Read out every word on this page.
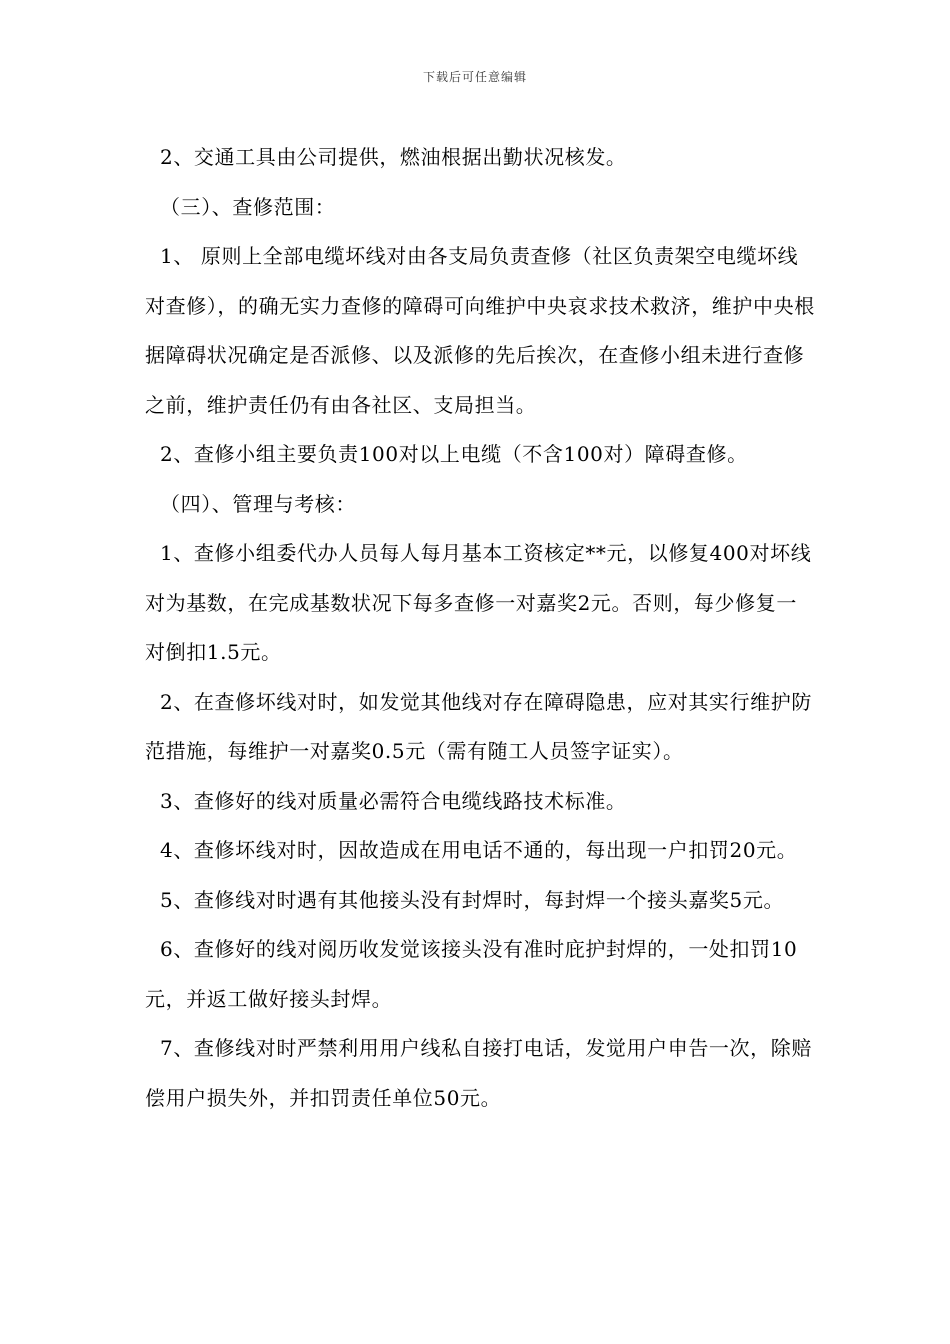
下载后可任意编辑

2、交通工具由公司提供，燃油根据出勤状况核发。

（三）、查修范围：

1、 原则上全部电缆坏线对由各支局负责查修（社区负责架空电缆坏线对查修），的确无实力查修的障碍可向维护中央哀求技术救济，维护中央根据障碍状况确定是否派修、以及派修的先后挨次，在查修小组未进行查修之前，维护责任仍有由各社区、支局担当。

2、查修小组主要负责100对以上电缆（不含100对）障碍查修。

（四）、管理与考核：

1、查修小组委代办人员每人每月基本工资核定**元，以修复400对坏线对为基数，在完成基数状况下每多查修一对嘉奖2元。否则，每少修复一对倒扣1.5元。

2、在查修坏线对时，如发觉其他线对存在障碍隐患，应对其实行维护防范措施，每维护一对嘉奖0.5元（需有随工人员签字证实）。

3、查修好的线对质量必需符合电缆线路技术标准。

4、查修坏线对时，因故造成在用电话不通的，每出现一户扣罚20元。

5、查修线对时遇有其他接头没有封焊时，每封焊一个接头嘉奖5元。

6、查修好的线对阅历收发觉该接头没有准时庇护封焊的，一处扣罚10元，并返工做好接头封焊。

7、查修线对时严禁利用用户线私自接打电话，发觉用户申告一次，除赔偿用户损失外，并扣罚责任单位50元。
